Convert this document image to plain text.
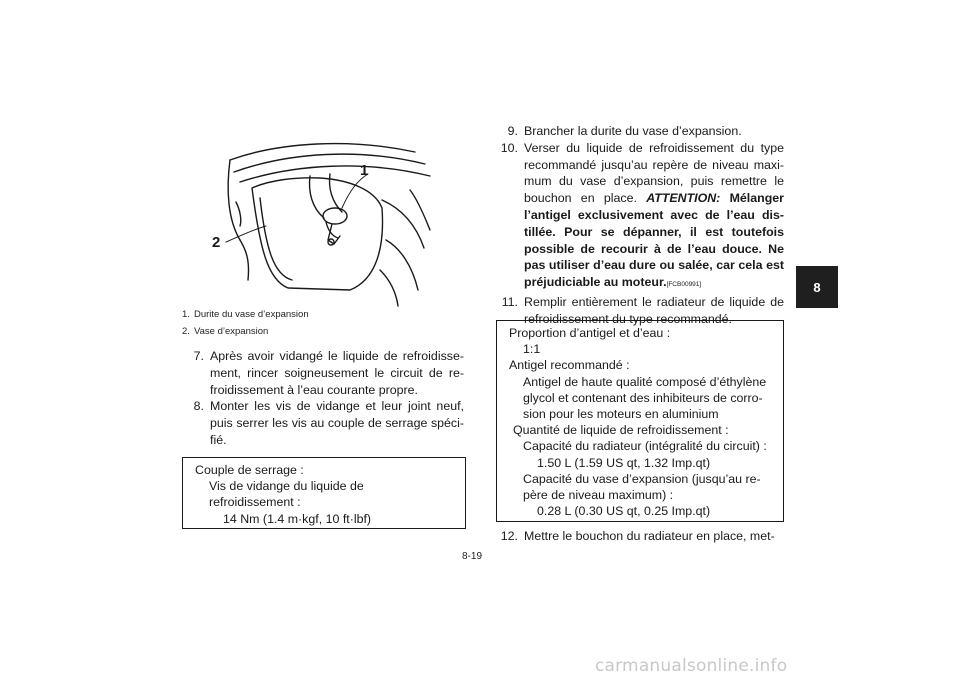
1
2
1. Durite du vase d’expansion
2. Vase d’expansion
7. Après avoir vidangé le liquide de refroidisse-ment, rincer soigneusement le circuit de re-froidissement à l’eau courante propre.
8. Monter les vis de vidange et leur joint neuf, puis serrer les vis au couple de serrage spéci-fié.
Couple de serrage :
Vis de vidange du liquide de
refroidissement :
14 Nm (1.4 m·kgf, 10 ft·lbf)
9. Brancher la durite du vase d’expansion.
10. Verser du liquide de refroidissement du type recommandé jusqu’au repère de niveau maxi-mum du vase d’expansion, puis remettre le bouchon en place. ATTENTION: Mélanger l’antigel exclusivement avec de l’eau dis-tillée. Pour se dépanner, il est toutefois possible de recourir à de l’eau douce. Ne pas utiliser d’eau dure ou salée, car cela est préjudiciable au moteur.[FCB00991]
11. Remplir entièrement le radiateur de liquide de refroidissement du type recommandé.
Proportion d’antigel et d’eau :
1:1
Antigel recommandé :
Antigel de haute qualité composé d’éthylène
glycol et contenant des inhibiteurs de corro-
sion pour les moteurs en aluminium
Quantité de liquide de refroidissement :
Capacité du radiateur (intégralité du circuit) :
1.50 L (1.59 US qt, 1.32 Imp.qt)
Capacité du vase d’expansion (jusqu’au re-
père de niveau maximum) :
0.28 L (0.30 US qt, 0.25 Imp.qt)
12. Mettre le bouchon du radiateur en place, met-
8
8-19
carmanualsonline.info
